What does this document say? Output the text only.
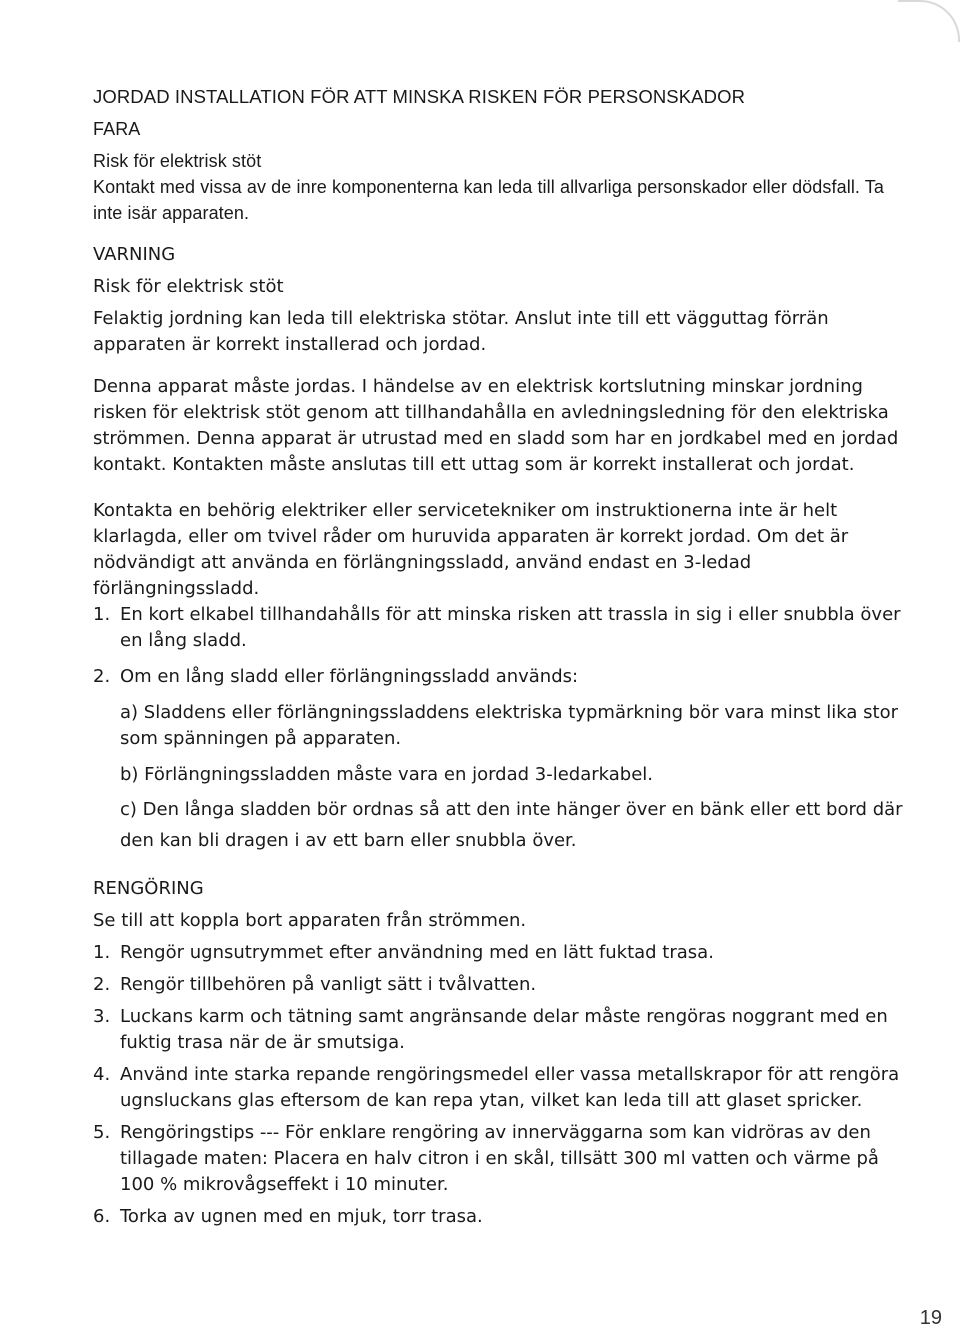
JORDAD INSTALLATION FÖR ATT MINSKA RISKEN FÖR PERSONSKADOR

FARA

Risk för elektrisk stöt

Kontakt med vissa av de inre komponenterna kan leda till allvarliga personskador eller dödsfall. Ta inte isär apparaten.

VARNING

Risk för elektrisk stöt

Felaktig jordning kan leda till elektriska stötar. Anslut inte till ett vägguttag förrän apparaten är korrekt installerad och jordad.

Denna apparat måste jordas. I händelse av en elektrisk kortslutning minskar jordning risken för elektrisk stöt genom att tillhandahålla en avledningsledning för den elektriska strömmen. Denna apparat är utrustad med en sladd som har en jordkabel med en jordad kontakt. Kontakten måste anslutas till ett uttag som är korrekt installerat och jordat.

Kontakta en behörig elektriker eller servicetekniker om instruktionerna inte är helt klarlagda, eller om tvivel råder om huruvida apparaten är korrekt jordad. Om det är nödvändigt att använda en förlängningssladd, använd endast en 3-ledad förlängningssladd.

1. En kort elkabel tillhandahålls för att minska risken att trassla in sig i eller snubbla över en lång sladd.
2. Om en lång sladd eller förlängningssladd används:

a) Sladdens eller förlängningssladdens elektriska typmärkning bör vara minst lika stor som spänningen på apparaten.

b) Förlängningssladden måste vara en jordad 3-ledarkabel.

c) Den långa sladden bör ordnas så att den inte hänger över en bänk eller ett bord där den kan bli dragen i av ett barn eller snubbla över.

RENGÖRING

Se till att koppla bort apparaten från strömmen.

1. Rengör ugnsutrymmet efter användning med en lätt fuktad trasa.
2. Rengör tillbehören på vanligt sätt i tvålvatten.
3. Luckans karm och tätning samt angränsande delar måste rengöras noggrant med en fuktig trasa när de är smutsiga.
4. Använd inte starka repande rengöringsmedel eller vassa metallskrapor för att rengöra ugnsluckans glas eftersom de kan repa ytan, vilket kan leda till att glaset spricker.
5. Rengöringstips --- För enklare rengöring av innerväggarna som kan vidröras av den tillagade maten: Placera en halv citron i en skål, tillsätt 300 ml vatten och värme på 100 % mikrovågseffekt i 10 minuter.
6. Torka av ugnen med en mjuk, torr trasa.
19
